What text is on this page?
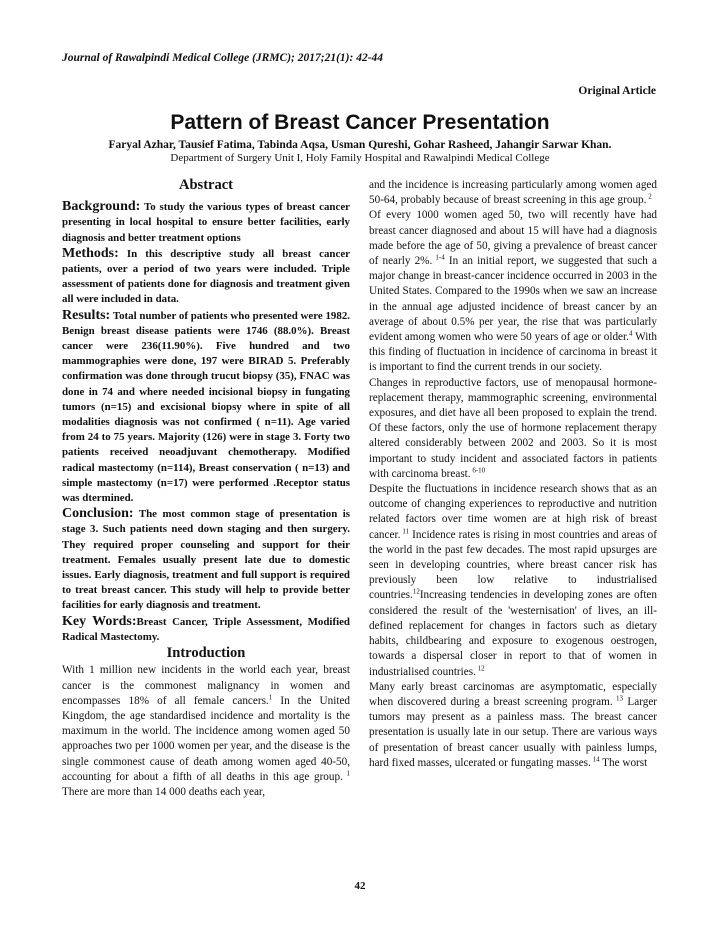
Journal of Rawalpindi Medical College (JRMC); 2017;21(1): 42-44
Original Article
Pattern of Breast Cancer Presentation
Faryal Azhar, Tausief Fatima, Tabinda Aqsa, Usman Qureshi, Gohar Rasheed, Jahangir Sarwar Khan.
Department of Surgery Unit I, Holy Family Hospital and Rawalpindi Medical College
Abstract

Background: To study the various types of breast cancer presenting in local hospital to ensure better facilities, early diagnosis and better treatment options

Methods: In this descriptive study all breast cancer patients, over a period of two years were included. Triple assessment of patients done for diagnosis and treatment given all were included in data.

Results: Total number of patients who presented were 1982. Benign breast disease patients were 1746 (88.0%). Breast cancer were 236(11.90%). Five hundred and two mammographies were done, 197 were BIRAD 5. Preferably confirmation was done through trucut biopsy (35), FNAC was done in 74 and where needed incisional biopsy in fungating tumors (n=15) and excisional biopsy where in spite of all modalities diagnosis was not confirmed ( n=11). Age varied from 24 to 75 years. Majority (126) were in stage 3. Forty two patients received neoadjuvant chemotherapy. Modified radical mastectomy (n=114), Breast conservation ( n=13) and simple mastectomy (n=17) were performed .Receptor status was dtermined.

Conclusion: The most common stage of presentation is stage 3. Such patients need down staging and then surgery. They required proper counseling and support for their treatment. Females usually present late due to domestic issues. Early diagnosis, treatment and full support is required to treat breast cancer. This study will help to provide better facilities for early diagnosis and treatment.

Key Words:Breast Cancer, Triple Assessment, Modified Radical Mastectomy.

Introduction

With 1 million new incidents in the world each year, breast cancer is the commonest malignancy in women and encompasses 18% of all female cancers.$^1$ In the United Kingdom, the age standardised incidence and mortality is the maximum in the world. The incidence among women aged 50 approaches two per 1000 women per year, and the disease is the single commonest cause of death among women aged 40-50, accounting for about a fifth of all deaths in this age group. $^1$ There are more than 14 000 deaths each year,

and the incidence is increasing particularly among women aged 50-64, probably because of breast screening in this age group. $^2$

Of every 1000 women aged 50, two will recently have had breast cancer diagnosed and about 15 will have had a diagnosis made before the age of 50, giving a prevalence of breast cancer of nearly 2%. $^{1-4}$ In an initial report, we suggested that such a major change in breast-cancer incidence occurred in 2003 in the United States. Compared to the 1990s when we saw an increase in the annual age adjusted incidence of breast cancer by an average of about 0.5% per year, the rise that was particularly evident among women who were 50 years of age or older.$^4$ With this finding of fluctuation in incidence of carcinoma in breast it is important to find the current trends in our society.

Changes in reproductive factors, use of menopausal hormone-replacement therapy, mammographic screening, environmental exposures, and diet have all been proposed to explain the trend. Of these factors, only the use of hormone replacement therapy altered considerably between 2002 and 2003. So it is most important to study incident and associated factors in patients with carcinoma breast. $^{6-10}$

Despite the fluctuations in incidence research shows that as an outcome of changing experiences to reproductive and nutrition related factors over time women are at high risk of breast cancer. $^{11}$ Incidence rates is rising in most countries and areas of the world in the past few decades. The most rapid upsurges are seen in developing countries, where breast cancer risk has previously been low relative to industrialised countries.$^{12}$Increasing tendencies in developing zones are often considered the result of the 'westernisation' of lives, an ill-defined replacement for changes in factors such as dietary habits, childbearing and exposure to exogenous oestrogen, towards a dispersal closer in report to that of women in industrialised countries. $^{12}$

Many early breast carcinomas are asymptomatic, especially when discovered during a breast screening program. $^{13}$ Larger tumors may present as a painless mass. The breast cancer presentation is usually late in our setup. There are various ways of presentation of breast cancer usually with painless lumps, hard fixed masses, ulcerated or fungating masses. $^{14}$ The worst

42
